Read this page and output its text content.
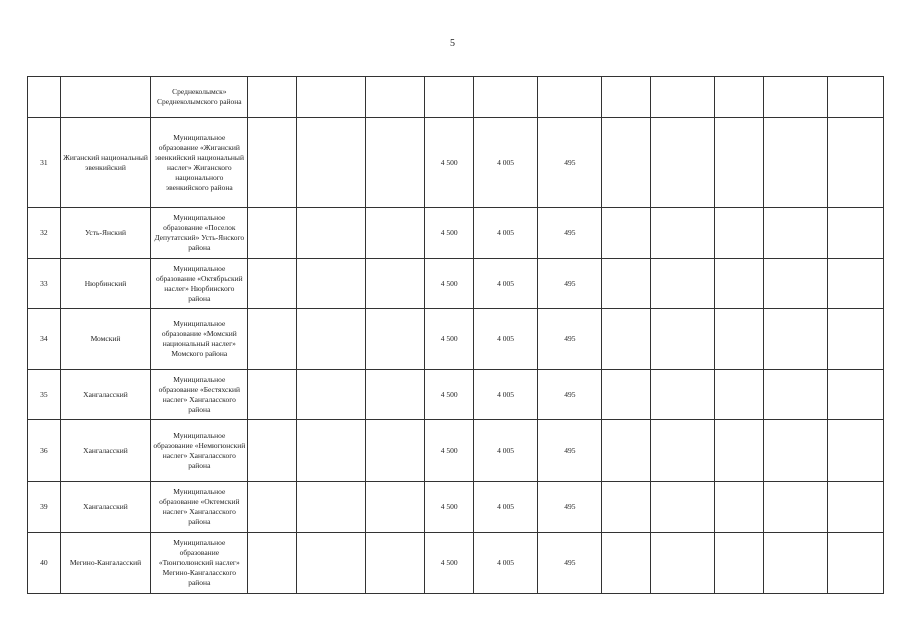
5
		Среднеколымск» Среднеколымского района											
31	Жиганский национальный эвенкийский	Муниципальное образование «Жиганский эвенкийский национальный наслег» Жиганского национального эвенкийского района				4 500	4 005	495					
32	Усть-Янский	Муниципальное образование «Поселок Депутатский» Усть-Янского района				4 500	4 005	495					
33	Нюрбинский	Муниципальное образование «Октябрьский наслег» Нюрбинского района				4 500	4 005	495					
34	Момский	Муниципальное образование «Момский национальный наслег» Момского района				4 500	4 005	495					
35	Хангаласский	Муниципальное образование «Бестяхский наслег» Хангаласского района				4 500	4 005	495					
36	Хангаласский	Муниципальное образование «Немюгюнский наслег» Хангаласского района				4 500	4 005	495					
39	Хангаласский	Муниципальное образование «Октемский наслег» Хангаласского района				4 500	4 005	495					
40	Мегино-Кангаласский	Муниципальное образование «Тюнгюлюнский наслег» Мегино-Кангаласского района				4 500	4 005	495					
